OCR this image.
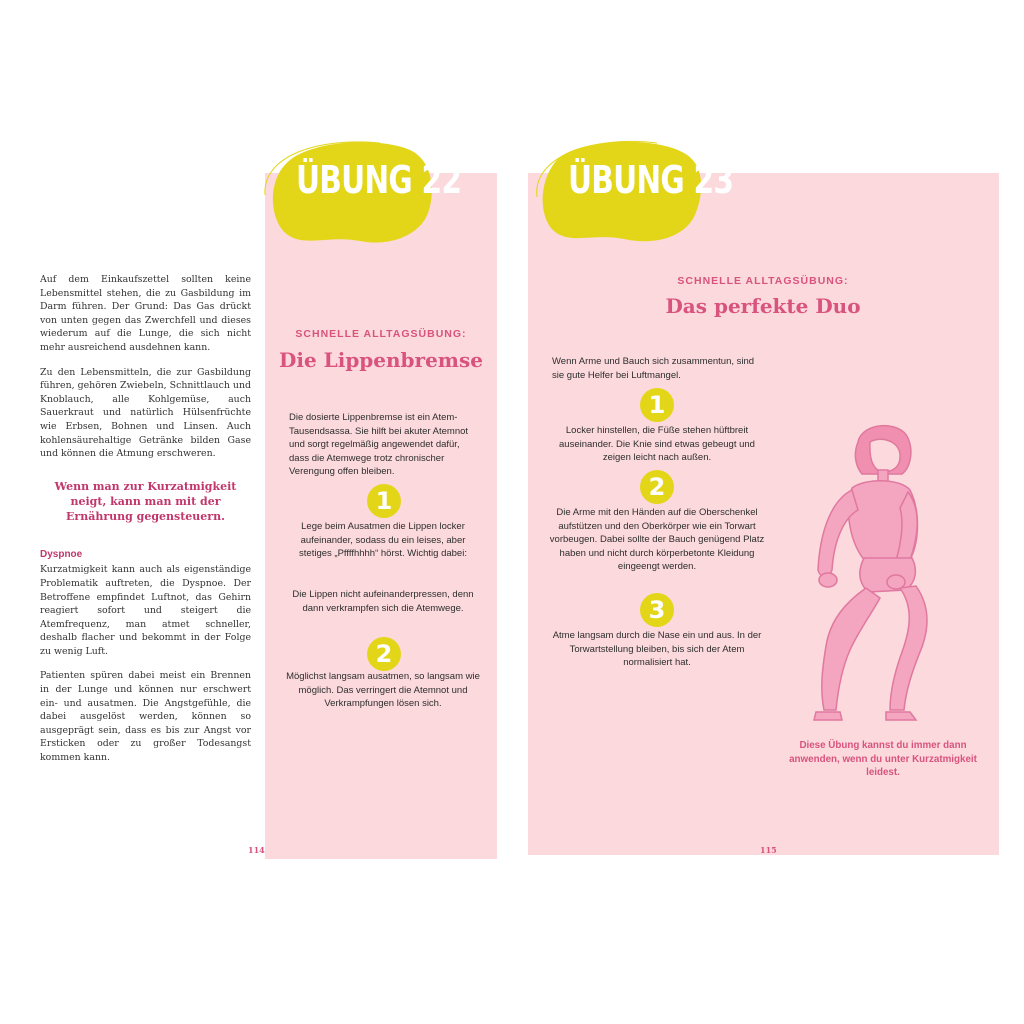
Auf dem Einkaufszettel sollten keine Lebensmittel stehen, die zu Gasbildung im Darm führen. Der Grund: Das Gas drückt von unten gegen das Zwerchfell und dieses wiederum auf die Lunge, die sich nicht mehr ausreichend ausdehnen kann.

Zu den Lebensmitteln, die zur Gasbildung führen, gehören Zwiebeln, Schnittlauch und Knoblauch, alle Kohlgemüse, auch Sauerkraut und natürlich Hülsenfrüchte wie Erbsen, Bohnen und Linsen. Auch kohlensäurehaltige Getränke bilden Gase und können die Atmung erschweren.

Wenn man zur Kurzatmigkeit neigt, kann man mit der Ernährung gegensteuern.
Dyspnoe

Kurzatmigkeit kann auch als eigenständige Problematik auftreten, die Dyspnoe. Der Betroffene empfindet Luftnot, das Gehirn reagiert sofort und steigert die Atemfrequenz, man atmet schneller, deshalb flacher und bekommt in der Folge zu wenig Luft.

Patienten spüren dabei meist ein Brennen in der Lunge und können nur erschwert ein- und ausatmen. Die Angstgefühle, die dabei ausgelöst werden, können so ausgeprägt sein, dass es bis zur Angst vor Ersticken oder zu großer Todesangst kommen kann.

114
ÜBUNG 22
SCHNELLE ALLTAGSÜBUNG:
Die Lippenbremse
Die dosierte Lippenbremse ist ein Atem-Tausendsassa. Sie hilft bei akuter Atemnot und sorgt regelmäßig angewendet dafür, dass die Atemwege trotz chronischer Verengung offen bleiben.
1
Lege beim Ausatmen die Lippen locker aufeinander, sodass du ein leises, aber stetiges „Pffffhhhh“ hörst. Wichtig dabei:
Die Lippen nicht aufeinanderpressen, denn dann verkrampfen sich die Atemwege.
2
Möglichst langsam ausatmen, so langsam wie möglich. Das verringert die Atemnot und Verkrampfungen lösen sich.
ÜBUNG 23
SCHNELLE ALLTAGSÜBUNG:
Das perfekte Duo
Wenn Arme und Bauch sich zusammentun, sind sie gute Helfer bei Luftmangel.
1
Locker hinstellen, die Füße stehen hüftbreit auseinander. Die Knie sind etwas gebeugt und zeigen leicht nach außen.
2
Die Arme mit den Händen auf die Oberschenkel aufstützen und den Oberkörper wie ein Torwart vorbeugen. Dabei sollte der Bauch genügend Platz haben und nicht durch körperbetonte Kleidung eingeengt werden.
3
Atme langsam durch die Nase ein und aus. In der Torwartstellung bleiben, bis sich der Atem normalisiert hat.
Diese Übung kannst du immer dann anwenden, wenn du unter Kurzatmigkeit leidest.
115
